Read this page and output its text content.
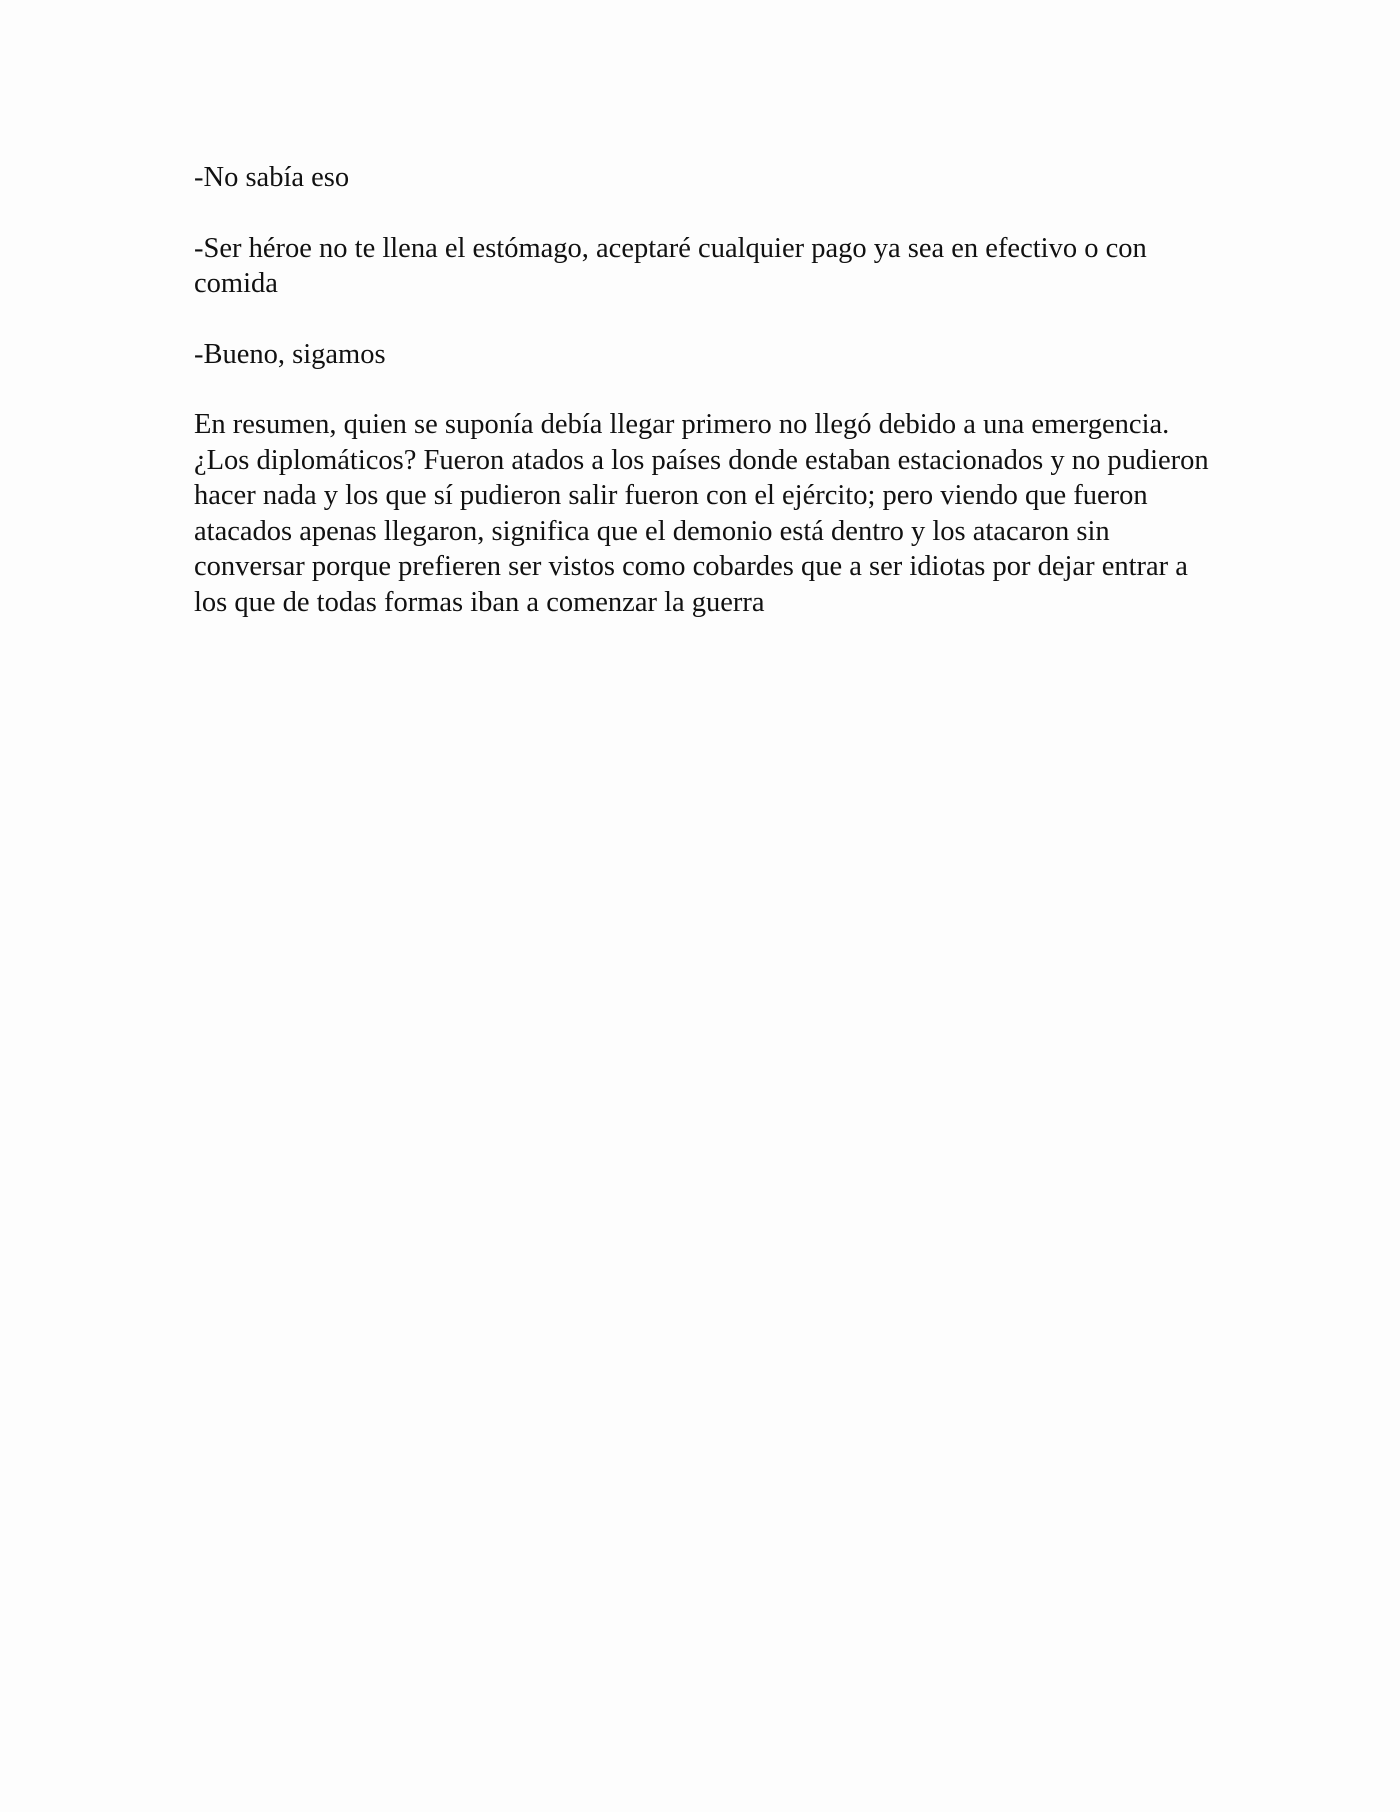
-No sabía eso

-Ser héroe no te llena el estómago, aceptaré cualquier pago ya sea en efectivo o con comida

-Bueno, sigamos

En resumen, quien se suponía debía llegar primero no llegó debido a una emergencia. ¿Los diplomáticos? Fueron atados a los países donde estaban estacionados y no pudieron hacer nada y los que sí pudieron salir fueron con el ejército; pero viendo que fueron atacados apenas llegaron, significa que el demonio está dentro y los atacaron sin conversar porque prefieren ser vistos como cobardes que a ser idiotas por dejar entrar a los que de todas formas iban a comenzar la guerra
